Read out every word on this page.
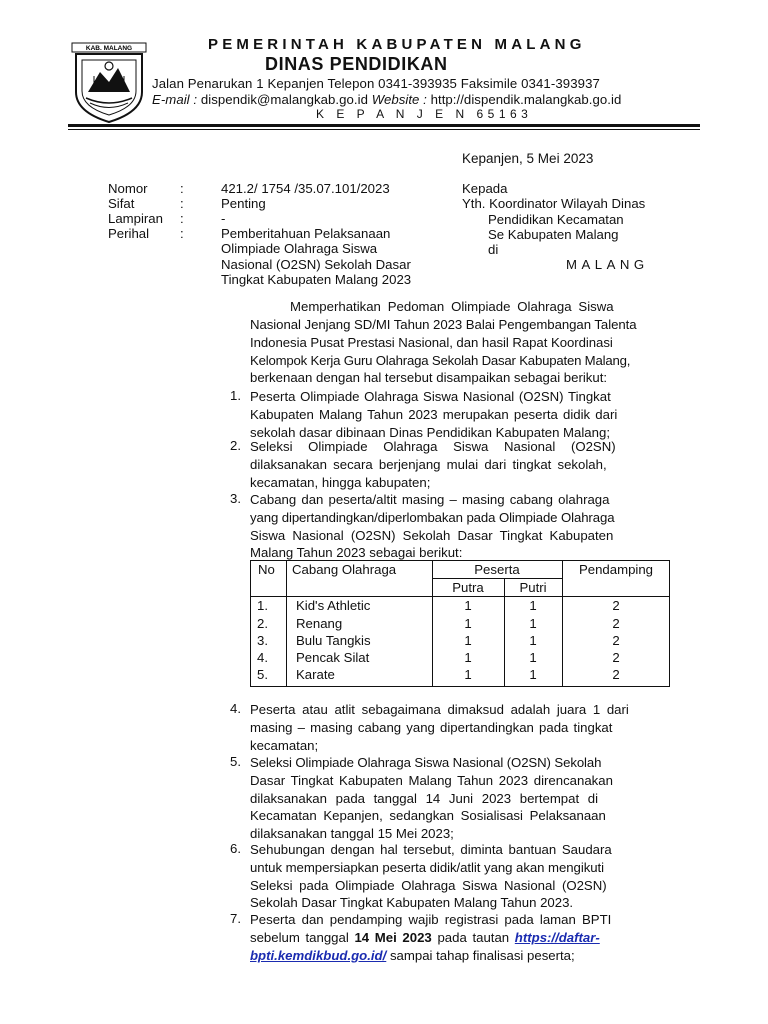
KAB. MALANG	PEMERINTAH KABUPATEN MALANG
DINAS PENDIDIKAN
Jalan Penarukan 1 Kepanjen Telepon 0341-393935 Faksimile 0341-393937
E-mail : dispendik@malangkab.go.id Website : http://dispendik.malangkab.go.id
K E P A N J E N 65163
Kepanjen, 5 Mei 2023
Nomor	:	421.2/ 1754 /35.07.101/2023
Sifat	:	Penting
Lampiran	:	-
Perihal	:	Pemberitahuan Pelaksanaan
Olimpiade Olahraga Siswa
Nasional (O2SN) Sekolah Dasar
Tingkat Kabupaten Malang 2023
Kepada
Yth. Koordinator Wilayah Dinas
Pendidikan Kecamatan
Se Kabupaten Malang
di
MALANG
Memperhatikan Pedoman Olimpiade Olahraga Siswa
Nasional Jenjang SD/MI Tahun 2023 Balai Pengembangan Talenta
Indonesia Pusat Prestasi Nasional, dan hasil Rapat Koordinasi
Kelompok Kerja Guru Olahraga Sekolah Dasar Kabupaten Malang,
berkenaan dengan hal tersebut disampaikan sebagai berikut:
1. Peserta Olimpiade Olahraga Siswa Nasional (O2SN) Tingkat
Kabupaten Malang Tahun 2023 merupakan peserta didik dari
sekolah dasar dibinaan Dinas Pendidikan Kabupaten Malang;
2. Seleksi Olimpiade Olahraga Siswa Nasional (O2SN)
dilaksanakan secara berjenjang mulai dari tingkat sekolah,
kecamatan, hingga kabupaten;
3. Cabang dan peserta/altit masing – masing cabang olahraga
yang dipertandingkan/diperlombakan pada Olimpiade Olahraga
Siswa Nasional (O2SN) Sekolah Dasar Tingkat Kabupaten
Malang Tahun 2023 sebagai berikut:
No Cabang Olahraga	Peserta
Putra	Putri
Pendamping
1. Kid's Athletic	1	1	2
2. Renang	1	1	2
3. Bulu Tangkis	1	1	2
4. Pencak Silat	1	1	2
5. Karate	1	1	2
4. Peserta atau atlit sebagaimana dimaksud adalah juara 1 dari
masing – masing cabang yang dipertandingkan pada tingkat
kecamatan;
5. Seleksi Olimpiade Olahraga Siswa Nasional (O2SN) Sekolah
Dasar Tingkat Kabupaten Malang Tahun 2023 direncanakan
dilaksanakan pada tanggal 14 Juni 2023 bertempat di
Kecamatan Kepanjen, sedangkan Sosialisasi Pelaksanaan
dilaksanakan tanggal 15 Mei 2023;
6. Sehubungan dengan hal tersebut, diminta bantuan Saudara
untuk mempersiapkan peserta didik/atlit yang akan mengikuti
Seleksi pada Olimpiade Olahraga Siswa Nasional (O2SN)
Sekolah Dasar Tingkat Kabupaten Malang Tahun 2023.
7. Peserta dan pendamping wajib registrasi pada laman BPTI
sebelum tanggal 14 Mei 2023 pada tautan https://daftar-
bpti.kemdikbud.go.id/ sampai tahap finalisasi peserta;
